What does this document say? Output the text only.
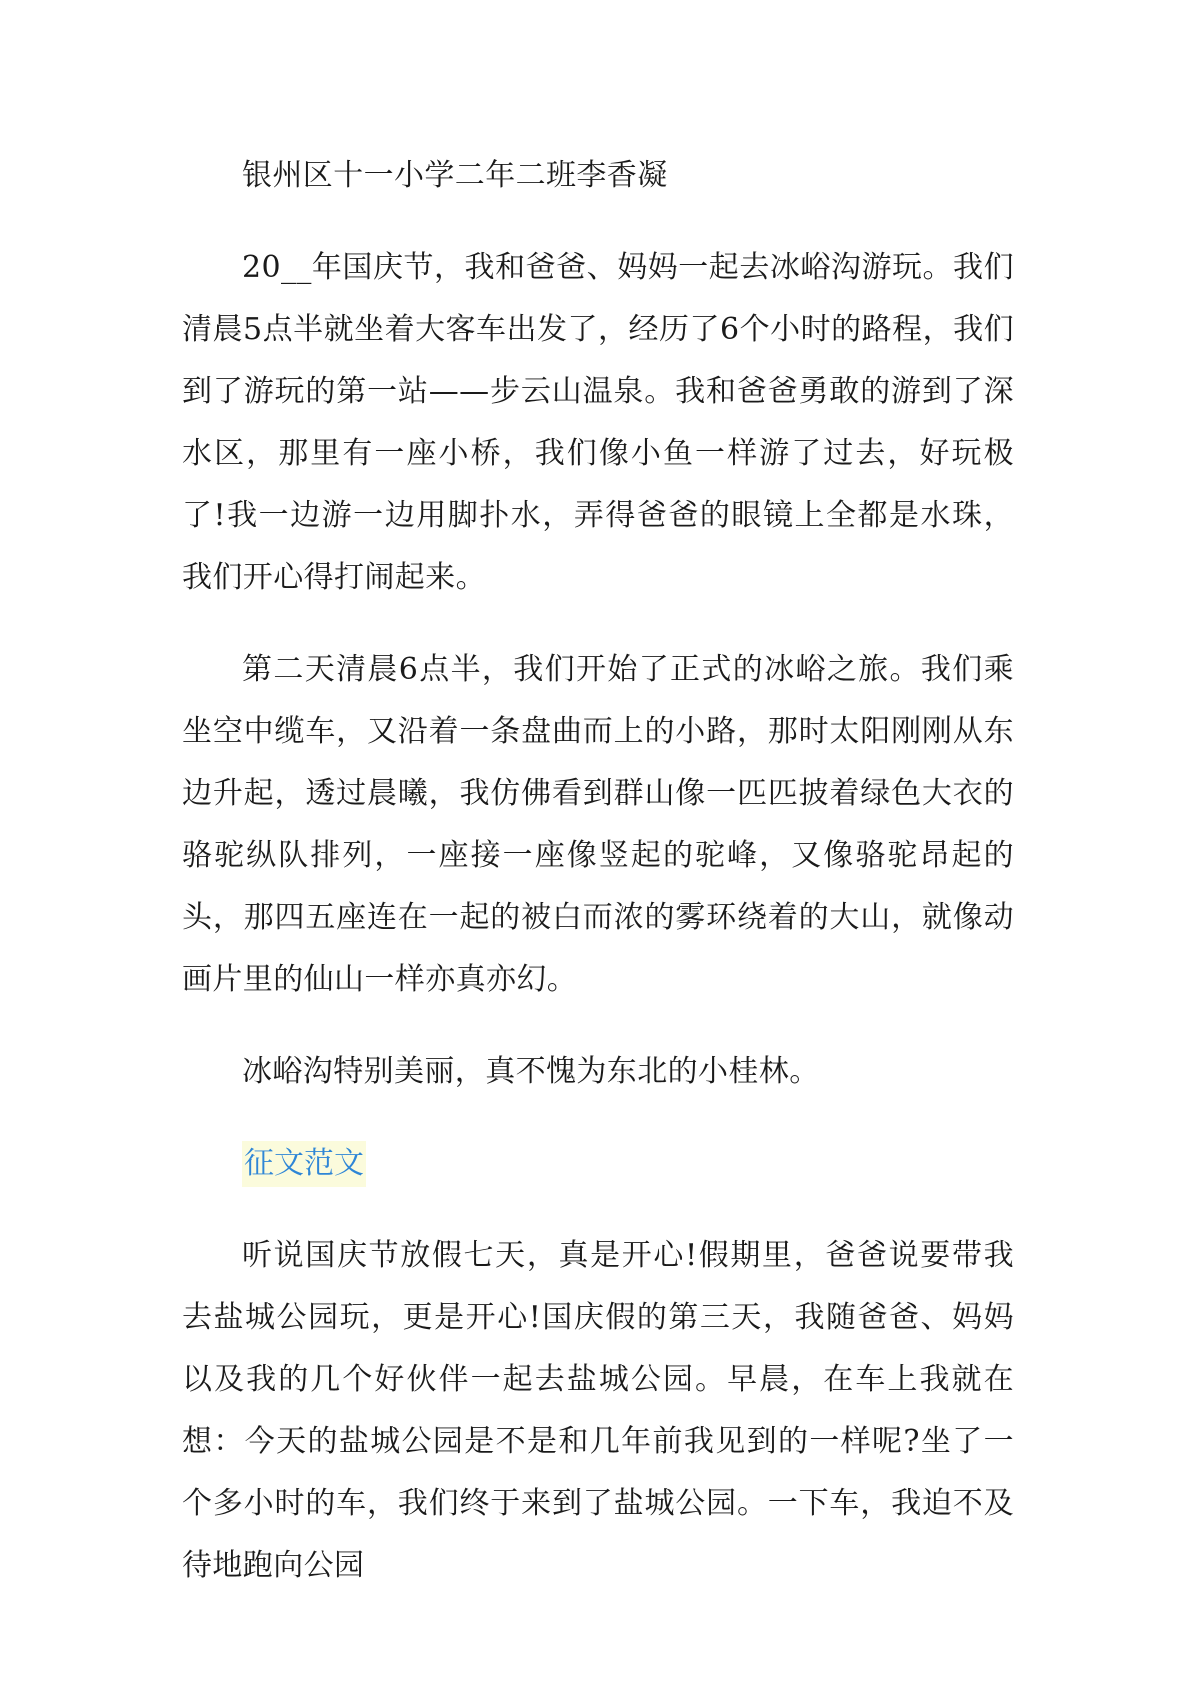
银州区十一小学二年二班李香凝

20__年国庆节，我和爸爸、妈妈一起去冰峪沟游玩。我们清晨5点半就坐着大客车出发了，经历了6个小时的路程，我们到了游玩的第一站——步云山温泉。我和爸爸勇敢的游到了深水区，那里有一座小桥，我们像小鱼一样游了过去，好玩极了!我一边游一边用脚扑水，弄得爸爸的眼镜上全都是水珠，我们开心得打闹起来。

第二天清晨6点半，我们开始了正式的冰峪之旅。我们乘坐空中缆车，又沿着一条盘曲而上的小路，那时太阳刚刚从东边升起，透过晨曦，我仿佛看到群山像一匹匹披着绿色大衣的骆驼纵队排列，一座接一座像竖起的驼峰，又像骆驼昂起的头，那四五座连在一起的被白而浓的雾环绕着的大山，就像动画片里的仙山一样亦真亦幻。

冰峪沟特别美丽，真不愧为东北的小桂林。

征文范文

听说国庆节放假七天，真是开心!假期里，爸爸说要带我去盐城公园玩，更是开心!国庆假的第三天，我随爸爸、妈妈以及我的几个好伙伴一起去盐城公园。早晨，在车上我就在想：今天的盐城公园是不是和几年前我见到的一样呢?坐了一个多小时的车，我们终于来到了盐城公园。一下车，我迫不及待地跑向公园
